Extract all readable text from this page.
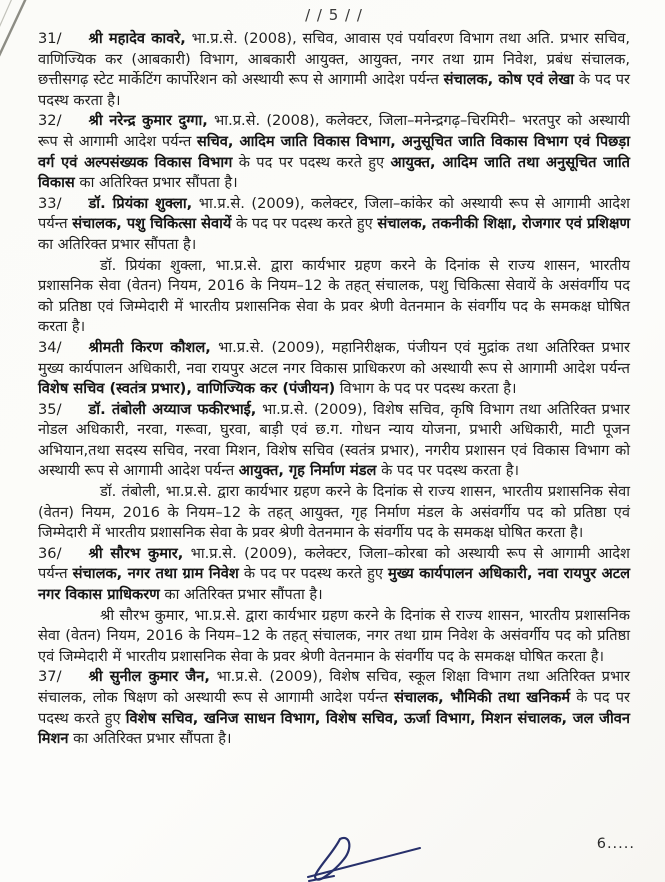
/ / 5 / /

31/ श्री महादेव कावरे, भा.प्र.से. (2008), सचिव, आवास एवं पर्यावरण विभाग तथा अति. प्रभार सचिव, वाणिज्यिक कर (आबकारी) विभाग, आबकारी आयुक्त, आयुक्त, नगर तथा ग्राम निवेश, प्रबंध संचालक, छत्तीसगढ़ स्टेट मार्केटिंग कार्पोरेशन को अस्थायी रूप से आगामी आदेश पर्यन्त संचालक, कोष एवं लेखा के पद पर पदस्थ करता है।

32/ श्री नरेन्द्र कुमार दुग्गा, भा.प्र.से. (2008), कलेक्टर, जिला–मनेन्द्रगढ़–चिरमिरी– भरतपुर को अस्थायी रूप से आगामी आदेश पर्यन्त सचिव, आदिम जाति विकास विभाग, अनुसूचित जाति विकास विभाग एवं पिछड़ा वर्ग एवं अल्पसंख्यक विकास विभाग के पद पर पदस्थ करते हुए आयुक्त, आदिम जाति तथा अनुसूचित जाति विकास का अतिरिक्त प्रभार सौंपता है।

33/ डॉ. प्रियंका शुक्ला, भा.प्र.से. (2009), कलेक्टर, जिला–कांकेर को अस्थायी रूप से आगामी आदेश पर्यन्त संचालक, पशु चिकित्सा सेवायें के पद पर पदस्थ करते हुए संचालक, तकनीकी शिक्षा, रोजगार एवं प्रशिक्षण का अतिरिक्त प्रभार सौंपता है।

डॉ. प्रियंका शुक्ला, भा.प्र.से. द्वारा कार्यभार ग्रहण करने के दिनांक से राज्य शासन, भारतीय प्रशासनिक सेवा (वेतन) नियम, 2016 के नियम–12 के तहत् संचालक, पशु चिकित्सा सेवायें के असंवर्गीय पद को प्रतिष्ठा एवं जिम्मेदारी में भारतीय प्रशासनिक सेवा के प्रवर श्रेणी वेतनमान के संवर्गीय पद के समकक्ष घोषित करता है।

34/ श्रीमती किरण कौशल, भा.प्र.से. (2009), महानिरीक्षक, पंजीयन एवं मुद्रांक तथा अतिरिक्त प्रभार मुख्य कार्यपालन अधिकारी, नवा रायपुर अटल नगर विकास प्राधिकरण को अस्थायी रूप से आगामी आदेश पर्यन्त विशेष सचिव (स्वतंत्र प्रभार), वाणिज्यिक कर (पंजीयन) विभाग के पद पर पदस्थ करता है।

35/ डॉ. तंबोली अय्याज फकीरभाई, भा.प्र.से. (2009), विशेष सचिव, कृषि विभाग तथा अतिरिक्त प्रभार नोडल अधिकारी, नरवा, गरूवा, घुरवा, बाड़ी एवं छ.ग. गोधन न्याय योजना, प्रभारी अधिकारी, माटी पूजन अभियान,तथा सदस्य सचिव, नरवा मिशन, विशेष सचिव (स्वतंत्र प्रभार), नगरीय प्रशासन एवं विकास विभाग को अस्थायी रूप से आगामी आदेश पर्यन्त आयुक्त, गृह निर्माण मंडल के पद पर पदस्थ करता है।

डॉ. तंबोली, भा.प्र.से. द्वारा कार्यभार ग्रहण करने के दिनांक से राज्य शासन, भारतीय प्रशासनिक सेवा (वेतन) नियम, 2016 के नियम–12 के तहत् आयुक्त, गृह निर्माण मंडल के असंवर्गीय पद को प्रतिष्ठा एवं जिम्मेदारी में भारतीय प्रशासनिक सेवा के प्रवर श्रेणी वेतनमान के संवर्गीय पद के समकक्ष घोषित करता है।

36/ श्री सौरभ कुमार, भा.प्र.से. (2009), कलेक्टर, जिला–कोरबा को अस्थायी रूप से आगामी आदेश पर्यन्त संचालक, नगर तथा ग्राम निवेश के पद पर पदस्थ करते हुए मुख्य कार्यपालन अधिकारी, नवा रायपुर अटल नगर विकास प्राधिकरण का अतिरिक्त प्रभार सौंपता है।

श्री सौरभ कुमार, भा.प्र.से. द्वारा कार्यभार ग्रहण करने के दिनांक से राज्य शासन, भारतीय प्रशासनिक सेवा (वेतन) नियम, 2016 के नियम–12 के तहत् संचालक, नगर तथा ग्राम निवेश के असंवर्गीय पद को प्रतिष्ठा एवं जिम्मेदारी में भारतीय प्रशासनिक सेवा के प्रवर श्रेणी वेतनमान के संवर्गीय पद के समकक्ष घोषित करता है।

37/ श्री सुनील कुमार जैन, भा.प्र.से. (2009), विशेष सचिव, स्कूल शिक्षा विभाग तथा अतिरिक्त प्रभार संचालक, लोक षिक्षण को अस्थायी रूप से आगामी आदेश पर्यन्त संचालक, भौमिकी तथा खनिकर्म के पद पर पदस्थ करते हुए विशेष सचिव, खनिज साधन विभाग, विशेष सचिव, ऊर्जा विभाग, मिशन संचालक, जल जीवन मिशन का अतिरिक्त प्रभार सौंपता है।

6.....
